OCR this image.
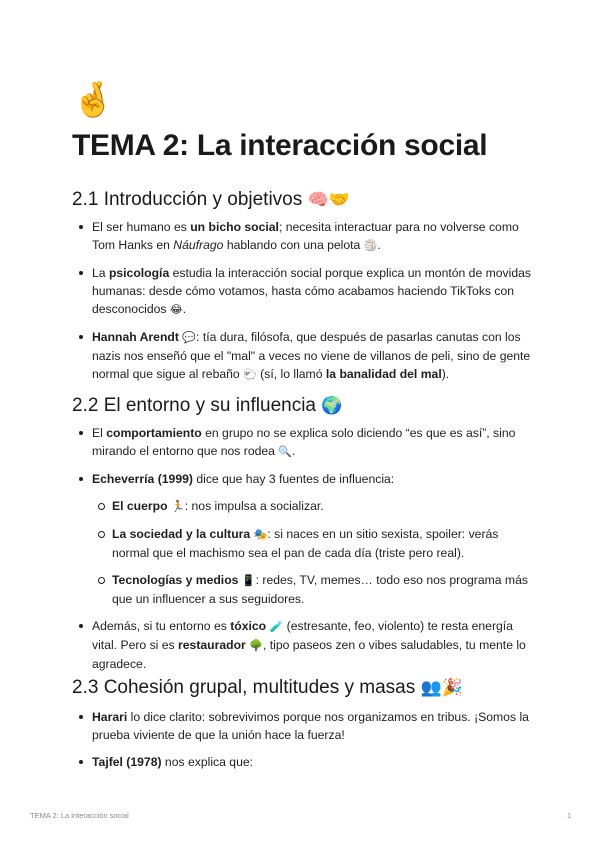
🤞
TEMA 2: La interacción social
2.1 Introducción y objetivos 🧠🤝
El ser humano es un bicho social; necesita interactuar para no volverse como Tom Hanks en Náufrago hablando con una pelota 🏐.
La psicología estudia la interacción social porque explica un montón de movidas humanas: desde cómo votamos, hasta cómo acabamos haciendo TikToks con desconocidos 😂.
Hannah Arendt 💬: tía dura, filósofa, que después de pasarlas canutas con los nazis nos enseñó que el "mal" a veces no viene de villanos de peli, sino de gente normal que sigue al rebaño 🐑 (sí, lo llamó la banalidad del mal).
2.2 El entorno y su influencia 🌍
El comportamiento en grupo no se explica solo diciendo “es que es así”, sino mirando el entorno que nos rodea 🔍.
Echeverría (1999) dice que hay 3 fuentes de influencia:
El cuerpo 🏃: nos impulsa a socializar.
La sociedad y la cultura 🎭: si naces en un sitio sexista, spoiler: verás normal que el machismo sea el pan de cada día (triste pero real).
Tecnologías y medios 📱: redes, TV, memes… todo eso nos programa más que un influencer a sus seguidores.
Además, si tu entorno es tóxico 🧪 (estresante, feo, violento) te resta energía vital. Pero si es restaurador 🌳, tipo paseos zen o vibes saludables, tu mente lo agradece.
2.3 Cohesión grupal, multitudes y masas 👥🎉
Harari lo dice clarito: sobrevivimos porque nos organizamos en tribus. ¡Somos la prueba viviente de que la unión hace la fuerza!
Tajfel (1978) nos explica que:
TEMA 2: La interacción social	1
